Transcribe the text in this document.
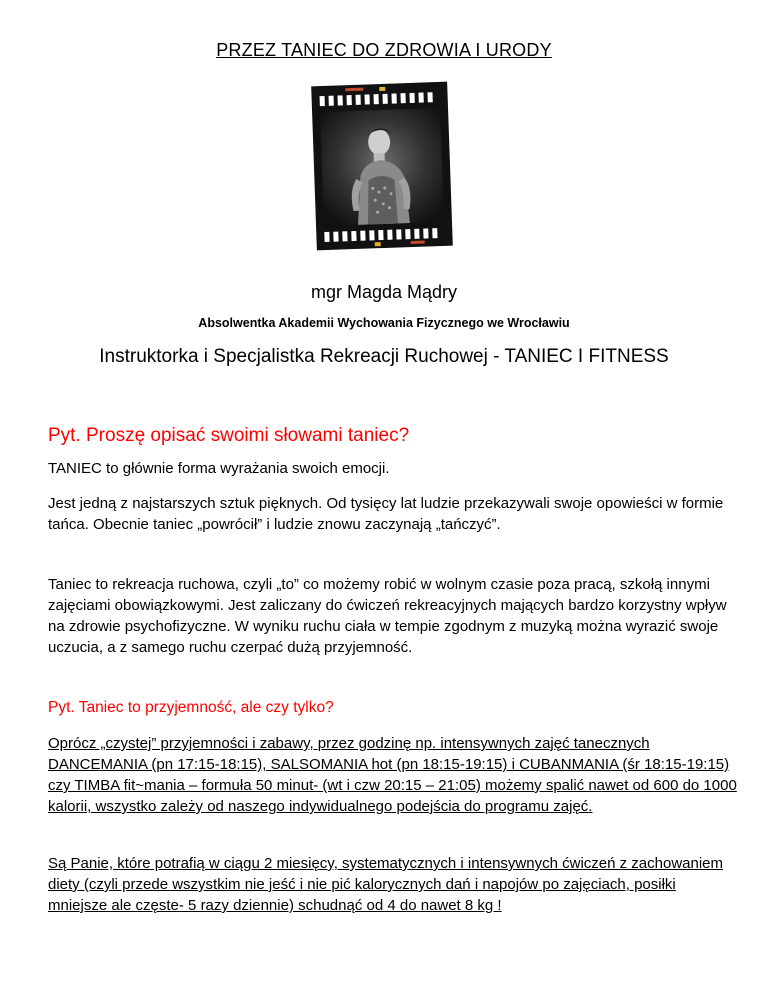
PRZEZ TANIEC DO ZDROWIA I URODY
mgr Magda Mądry
Absolwentka Akademii Wychowania Fizycznego we Wrocławiu
Instruktorka i Specjalistka Rekreacji Ruchowej - TANIEC I FITNESS

Pyt. Proszę opisać swoimi słowami taniec?

TANIEC to głównie forma wyrażania swoich emocji.

Jest jedną z najstarszych sztuk pięknych. Od tysięcy lat ludzie przekazywali swoje opowieści w formie tańca. Obecnie taniec „powrócił” i ludzie znowu zaczynają „tańczyć”.

Taniec to rekreacja ruchowa, czyli „to” co możemy robić w wolnym czasie poza pracą, szkołą innymi zajęciami obowiązkowymi. Jest zaliczany do ćwiczeń rekreacyjnych mających bardzo korzystny wpływ na zdrowie psychofizyczne. W wyniku ruchu ciała w tempie zgodnym z muzyką można wyrazić swoje uczucia, a z samego ruchu czerpać dużą przyjemność.

Pyt. Taniec to przyjemność, ale czy tylko?

Oprócz „czystej” przyjemności i zabawy, przez godzinę np. intensywnych zajęć tanecznych DANCEMANIA (pn 17:15-18:15), SALSOMANIA hot (pn 18:15-19:15) i CUBANMANIA (śr 18:15-19:15) czy TIMBA fit~mania – formuła 50 minut- (wt i czw 20:15 – 21:05) możemy spalić nawet od 600 do 1000 kalorii, wszystko zależy od naszego indywidualnego podejścia do programu zajęć.

Są Panie, które potrafią w ciągu 2 miesięcy, systematycznych i intensywnych ćwiczeń z zachowaniem diety (czyli przede wszystkim nie jeść i nie pić kalorycznych dań i napojów po zajęciach, posiłki mniejsze ale częste- 5 razy dziennie) schudnąć od 4 do nawet 8 kg !
